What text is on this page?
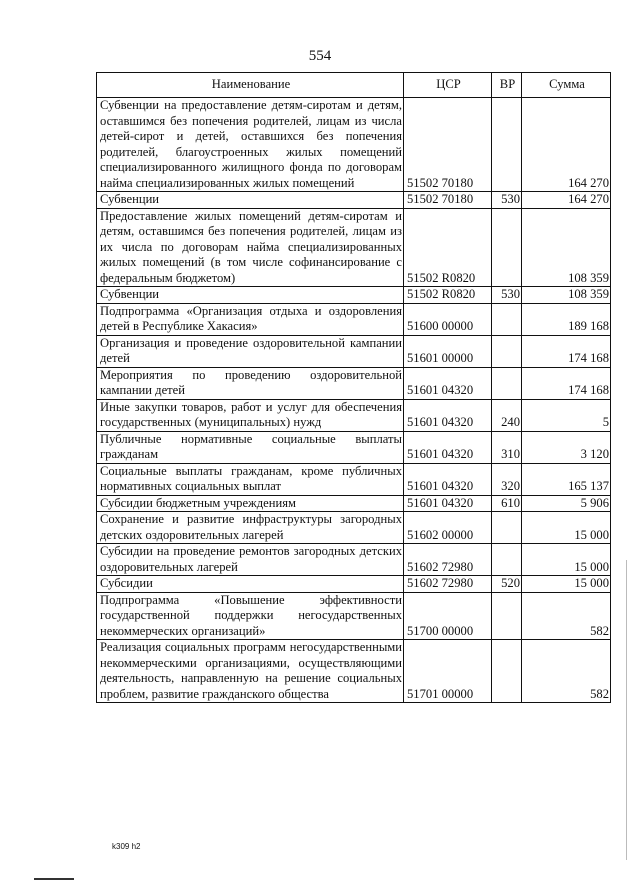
554
Наименование	ЦСР	ВР	Сумма
Субвенции на предоставление детям-сиротам и детям, оставшимся без попечения родителей, лицам из числа детей-сирот и детей, оставшихся без попечения родителей, благоустроенных жилых помещений специализированного жилищного фонда по договорам найма специализированных жилых помещений	51502 70180		164 270
Субвенции	51502 70180	530	164 270
Предоставление жилых помещений детям-сиротам и детям, оставшимся без попечения родителей, лицам из их числа по договорам найма специализированных жилых помещений (в том числе софинансирование с федеральным бюджетом)	51502 R0820		108 359
Субвенции	51502 R0820	530	108 359
Подпрограмма «Организация отдыха и оздоровления детей в Республике Хакасия»	51600 00000		189 168
Организация и проведение оздоровительной кампании детей	51601 00000		174 168
Мероприятия по проведению оздоровительной кампании детей	51601 04320		174 168
Иные закупки товаров, работ и услуг для обеспечения государственных (муниципальных) нужд	51601 04320	240	5
Публичные нормативные социальные выплаты гражданам	51601 04320	310	3 120
Социальные выплаты гражданам, кроме публичных нормативных социальных выплат	51601 04320	320	165 137
Субсидии бюджетным учреждениям	51601 04320	610	5 906
Сохранение и развитие инфраструктуры загородных детских оздоровительных лагерей	51602 00000		15 000
Субсидии на проведение ремонтов загородных детских оздоровительных лагерей	51602 72980		15 000
Субсидии	51602 72980	520	15 000
Подпрограмма «Повышение эффективности государственной поддержки негосударственных некоммерческих организаций»	51700 00000		582
Реализация социальных программ негосударственными некоммерческими организациями, осуществляющими деятельность, направленную на решение социальных проблем, развитие гражданского общества	51701 00000		582
k309 h2
